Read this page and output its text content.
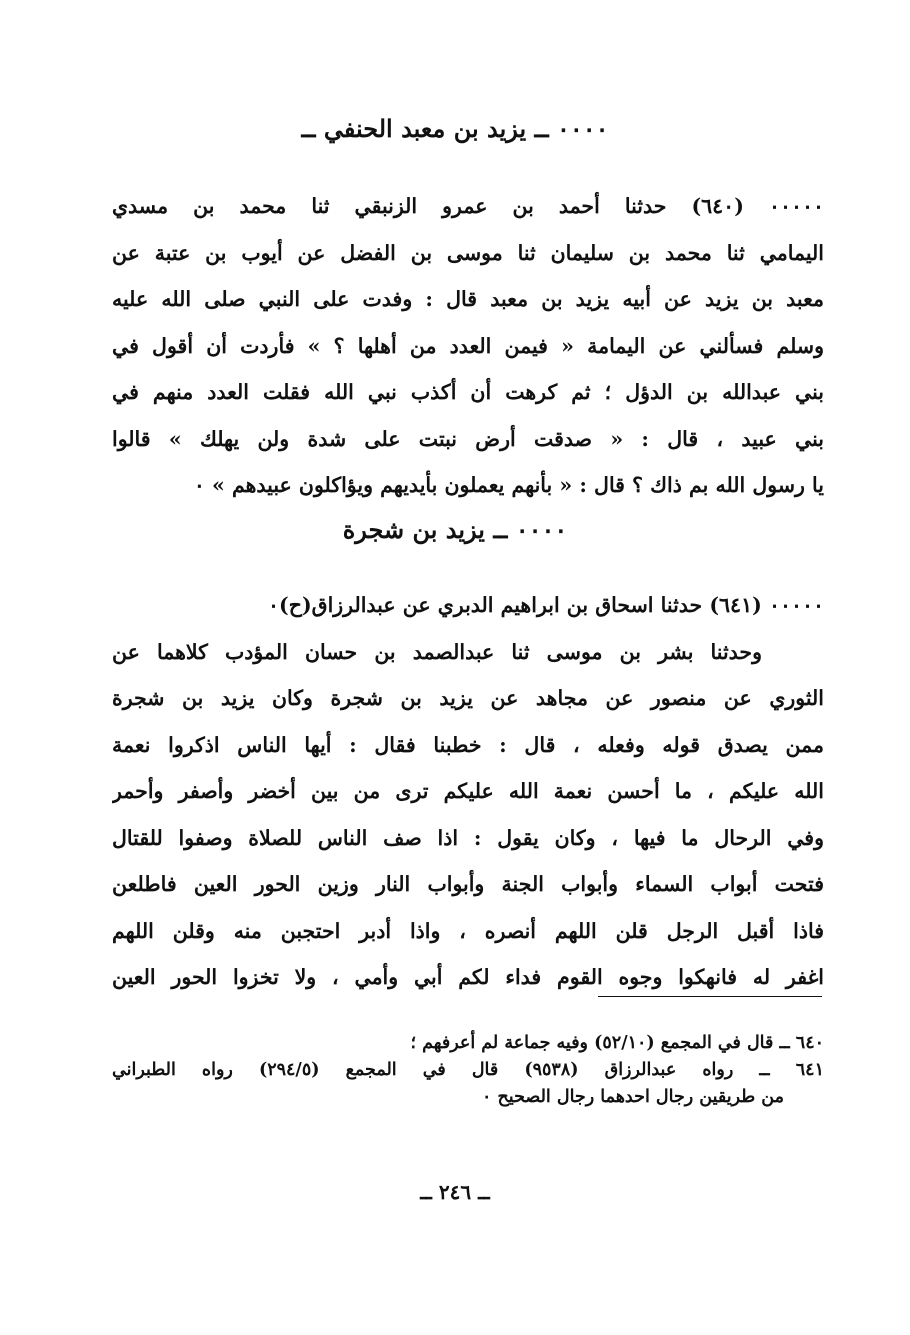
٠٠٠٠ ــ يزيد بن معبد الحنفي ــ
٠٠٠٠٠ (٦٤٠) حدثنا أحمد بن عمرو الزنبقي ثنا محمد بن مسدي
اليمامي ثنا محمد بن سليمان ثنا موسى بن الفضل عن أيوب بن عتبة عن
معبد بن يزيد عن أبيه يزيد بن معبد قال : وفدت على النبي صلى الله عليه
وسلم فسألني عن اليمامة « فيمن العدد من أهلها ؟ » فأردت أن أقول في
بني عبدالله بن الدؤل ؛ ثم كرهت أن أكذب نبي الله فقلت العدد منهم في
بني عبيد ، قال : « صدقت أرض نبتت على شدة ولن يهلك » قالوا
يا رسول الله بم ذاك ؟ قال : « بأنهم يعملون بأيديهم ويؤاكلون عبيدهم » ٠
٠٠٠٠ ــ يزيد بن شجرة
٠٠٠٠٠ (٦٤١) حدثنا اسحاق بن ابراهيم الدبري عن عبدالرزاق(ح)٠
وحدثنا بشر بن موسى ثنا عبدالصمد بن حسان المؤدب كلاهما عن
الثوري عن منصور عن مجاهد عن يزيد بن شجرة وكان يزيد بن شجرة
ممن يصدق قوله وفعله ، قال : خطبنا فقال : أيها الناس اذكروا نعمة
الله عليكم ، ما أحسن نعمة الله عليكم ترى من بين أخضر وأصفر وأحمر
وفي الرحال ما فيها ، وكان يقول : اذا صف الناس للصلاة وصفوا للقتال
فتحت أبواب السماء وأبواب الجنة وأبواب النار وزين الحور العين فاطلعن
فاذا أقبل الرجل قلن اللهم أنصره ، واذا أدبر احتجبن منه وقلن اللهم
اغفر له فانهكوا وجوه القوم فداء لكم أبي وأمي ، ولا تخزوا الحور العين
٦٤٠ ــ قال في المجمع (٥٢/١٠) وفيه جماعة لم أعرفهم ؛
٦٤١ ــ رواه عبدالرزاق (٩٥٣٨) قال في المجمع (٢٩٤/٥) رواه الطبراني
من طريقين رجال احدهما رجال الصحيح ٠
ــ ٢٤٦ ــ
